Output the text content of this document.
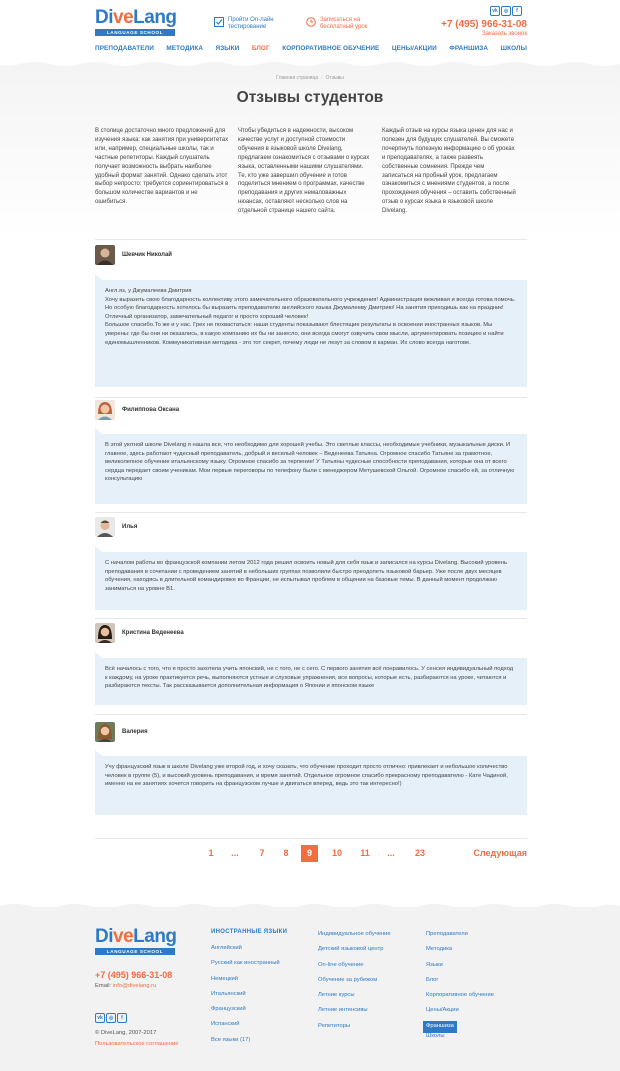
DiveLang
LANGUAGE SCHOOL
Пройти On-лайн
тестирование
Записаться на
бесплатный урок
vk ◎ f
+7 (495) 966-31-08
Заказать звонок
ПРЕПОДАВАТЕЛИ МЕТОДИКА ЯЗЫКИ БЛОГ КОРПОРАТИВНОЕ ОБУЧЕНИЕ ЦЕНЫ/АКЦИИ ФРАНШИЗА ШКОЛЫ
Главная страница / Отзывы
Отзывы студентов

В столице достаточно много предложений для изучения языка: как занятия при университетах или, например, специальные школы, так и частные репетиторы. Каждый слушатель получает возможность выбрать наиболее удобный формат занятий. Однако сделать этот выбор непросто: требуется сориентироваться в большом количестве вариантов и не ошибиться.

Чтобы убедиться в надежности, высоком качестве услуг и доступной стоимости обучения в языковой школе Divelang, предлагаем ознакомиться с отзывами о курсах языка, оставленными нашими слушателями. Те, кто уже завершил обучение и готов поделиться мнением о программах, качестве преподавания и других немаловажных нюансах, оставляют несколько слов на отдельной странице нашего сайта.

Каждый отзыв на курсы языка ценен для нас и полезен для будущих слушателей. Вы сможете почерпнуть полезную информацию о об уроках и преподавателях, а также развеять собственные сомнения. Прежде чем записаться на пробный урок, предлагаем ознакомиться с мнениями студентов, а после прохождения обучения – оставить собственный отзыв о курсах языка в языковой школе Divelang.

Шевчик Николай

Англ.яз, у Джумалеева Дмитрия

Хочу выразить свою благодарность коллективу этого замечательного образовательного учреждения! Администрация вежливая и всегда готова помочь.

Но особую благодарность хотелось бы выразить преподавателю английского языка Джумалееву Дмитрию! На занятия приходишь как на праздник! Отличный организатор, замечательный педагог и просто хороший человек!

Большое спасибо.То же и у нас. Грех не похвастаться: наши студенты показывают блестящие результаты в освоении иностранных языков. Мы уверены: где бы они ни оказались, в какую компанию их бы ни занесло, они всегда смогут озвучить свои мысли, аргументировать позицию и найти единомышленников. Коммуникативная методика - это тот секрет, почему люди не лезут за словом в карман. Их слово всегда наготове.

Филиппова Оксана

В этой уютной школе Divelang я нашла все, что необходимо для хорошей учебы. Это светлые классы, необходимые учебники, музыкальные диски. И главное, здесь работают чудесный преподаватель, добрый и веселый человек – Веденеева Татьяна. Огромное спасибо Татьяне за грамотное, великолепное обучение итальянскому языку. Огромное спасибо за терпение! У Татьяны чудесные способности преподавания, которые она от всего сердца передает своим ученикам. Мои первые переговоры по телефону были с менеджером Метушевской Ольгой. Огромное спасибо ей, за отличную консультацию

Илья

С началом работы во французской компании летом 2012 года решил освоить новый для себя язык и записался на курсы Divelang. Высокий уровень преподавания в сочетании с проведением занятий в небольших группах позволили быстро преодолеть языковой барьер. Уже после двух месяцев обучения, находясь в длительной командировке во Франции, не испытывал проблем в общении на базовые темы. В данный момент продолжаю заниматься на уровне В1.

Кристина Веденеева

Всё началось с того, что я просто захотела учить японский, не с того, не с сего. С первого занятия всё понравилось. У сенсея индивидуальный подход к каждому, на уроке практикуется речь, выполняются устные и слуховые упражнения, все вопросы, которые есть, разбираются на уроке, читаются и разбираются тексты. Так рассказывается дополнительная информация о Японии и японском языке

Валерия

Учу французский язык в школе Divelang уже второй год, и хочу сказать, что обучение проходит просто отлично: привлекает и небольшое количество человек в группе (5), и высокий уровень преподавания, и время занятий. Отдельное огромное спасибо прекрасному преподавателю - Кате Чадиной, именно на ее занятиях хочется говорить на французском лучше и двигаться вперед, ведь это так интересно!)

1	...	7 8	9	10 11	...	23	Следующая
DiveLang
LANGUAGE SCHOOL
+7 (495) 966-31-08
Email: info@divelang.ru
vk ◎ f
© DiveLang, 2007-2017
Пользовательское соглашение
ИНОСТРАННЫЕ ЯЗЫКИ
Английский
Русский как иностранный
Немецкий
Итальянский
Французский
Испанский
Все языки (17)
Индивидуальное обучение
Детский языковой центр
On-line обучение
Обучение за рубежом
Летние курсы
Летние интенсивы
Репетиторы
Преподаватели
Методика
Языки
Блог
Корпоративное обучение
Цены/Акции
Франшиза
Школы
